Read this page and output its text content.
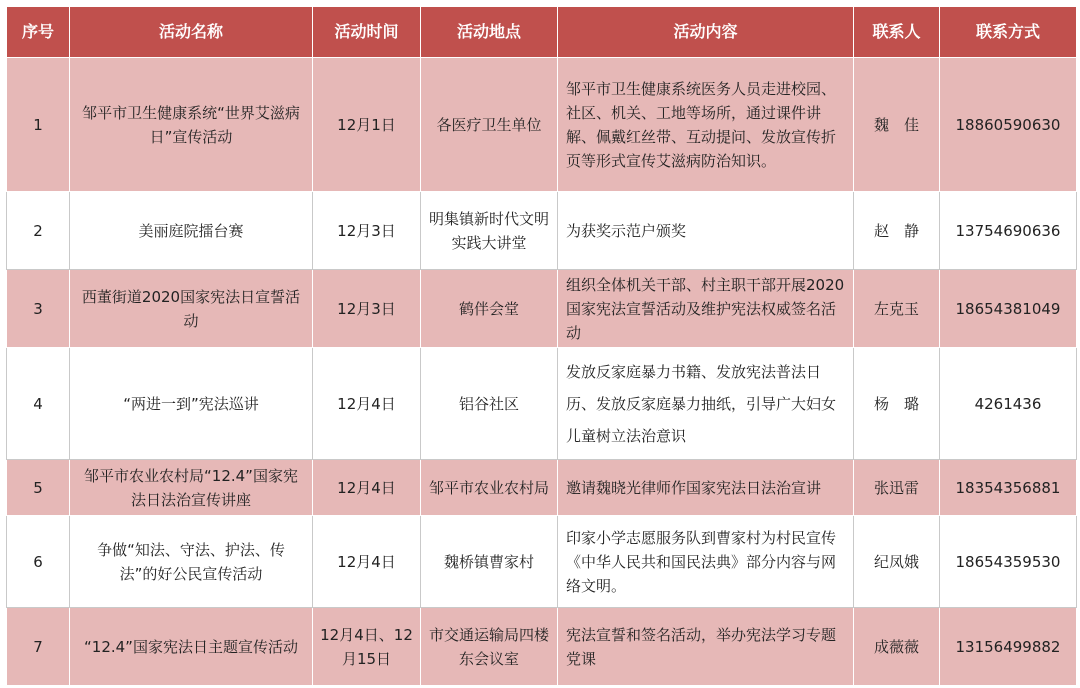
序号	活动名称	活动时间	活动地点	活动内容	联系人	联系方式
1	邹平市卫生健康系统“世界艾滋病日”宣传活动	12月1日	各医疗卫生单位	邹平市卫生健康系统医务人员走进校园、社区、机关、工地等场所，通过课件讲解、佩戴红丝带、互动提问、发放宣传折页等形式宣传艾滋病防治知识。	魏　佳	18860590630
2	美丽庭院擂台赛	12月3日	明集镇新时代文明实践大讲堂	为获奖示范户颁奖	赵　静	13754690636
3	西董街道2020国家宪法日宣誓活动	12月3日	鹤伴会堂	组织全体机关干部、村主职干部开展2020国家宪法宣誓活动及维护宪法权威签名活动	左克玉	18654381049
4	“两进一到”宪法巡讲	12月4日	铝谷社区	发放反家庭暴力书籍、发放宪法普法日历、发放反家庭暴力抽纸，引导广大妇女儿童树立法治意识	杨　璐	4261436
5	邹平市农业农村局“12.4”国家宪法日法治宣传讲座	12月4日	邹平市农业农村局	邀请魏晓光律师作国家宪法日法治宣讲	张迅雷	18354356881
6	争做“知法、守法、护法、传法”的好公民宣传活动	12月4日	魏桥镇曹家村	印家小学志愿服务队到曹家村为村民宣传《中华人民共和国民法典》部分内容与网络文明。	纪凤娥	18654359530
7	“12.4”国家宪法日主题宣传活动	12月4日、12月15日	市交通运输局四楼东会议室	宪法宣誓和签名活动，举办宪法学习专题党课	成薇薇	13156499882
